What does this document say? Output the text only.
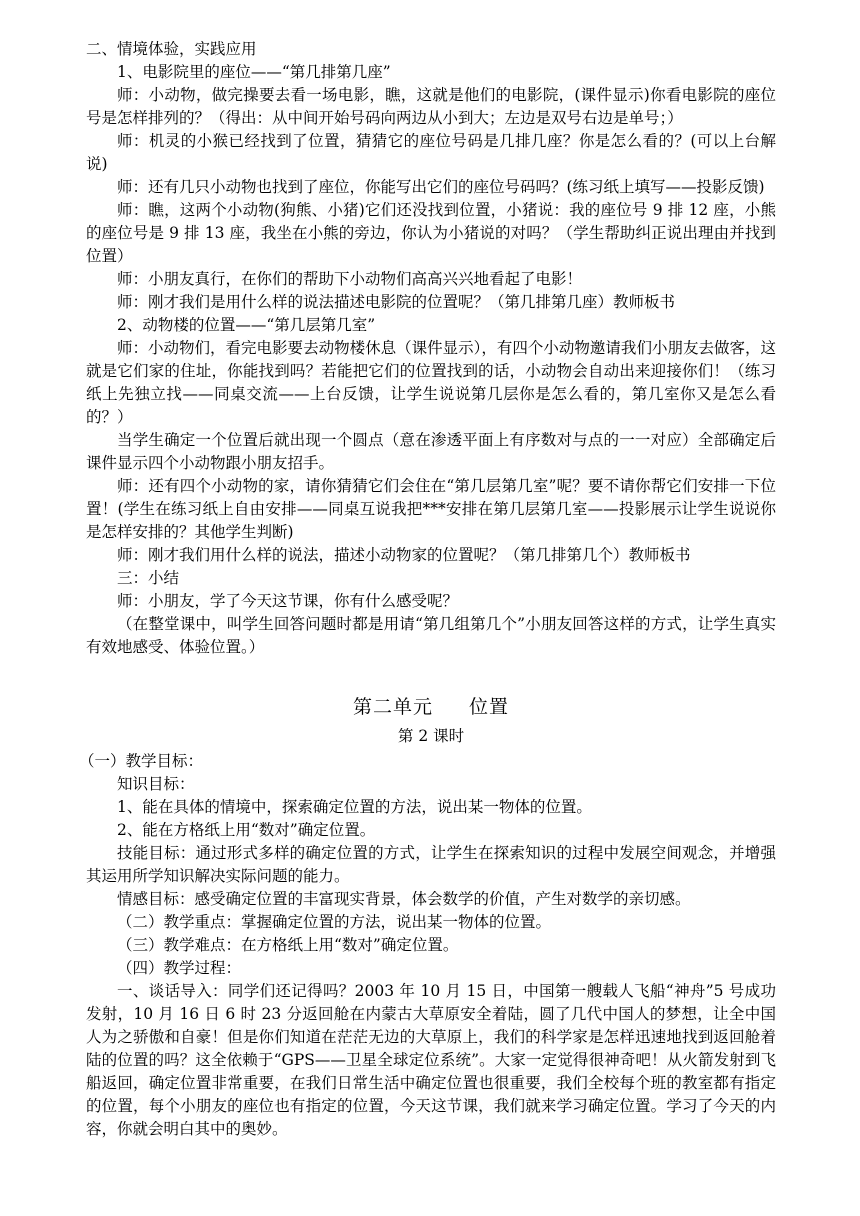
二、情境体验，实践应用

1、电影院里的座位——“第几排第几座”

师：小动物，做完操要去看一场电影，瞧，这就是他们的电影院，(课件显示)你看电影院的座位号是怎样排列的？（得出：从中间开始号码向两边从小到大；左边是双号右边是单号；）

师：机灵的小猴已经找到了位置，猜猜它的座位号码是几排几座？你是怎么看的？(可以上台解说)

师：还有几只小动物也找到了座位，你能写出它们的座位号码吗？(练习纸上填写——投影反馈)

师：瞧，这两个小动物(狗熊、小猪)它们还没找到位置，小猪说：我的座位号 9 排 12 座，小熊的座位号是 9 排 13 座，我坐在小熊的旁边，你认为小猪说的对吗？（学生帮助纠正说出理由并找到位置）

师：小朋友真行，在你们的帮助下小动物们高高兴兴地看起了电影！

师：刚才我们是用什么样的说法描述电影院的位置呢？（第几排第几座）教师板书

2、动物楼的位置——“第几层第几室”

师：小动物们，看完电影要去动物楼休息（课件显示），有四个小动物邀请我们小朋友去做客，这就是它们家的住址，你能找到吗？若能把它们的位置找到的话，小动物会自动出来迎接你们！（练习纸上先独立找——同桌交流——上台反馈，让学生说说第几层你是怎么看的，第几室你又是怎么看的？）

当学生确定一个位置后就出现一个圆点（意在渗透平面上有序数对与点的一一对应）全部确定后课件显示四个小动物跟小朋友招手。

师：还有四个小动物的家，请你猜猜它们会住在“第几层第几室”呢？要不请你帮它们安排一下位置！(学生在练习纸上自由安排——同桌互说我把***安排在第几层第几室——投影展示让学生说说你是怎样安排的？其他学生判断)

师：刚才我们用什么样的说法，描述小动物家的位置呢？（第几排第几个）教师板书

三：小结

师：小朋友，学了今天这节课，你有什么感受呢？

（在整堂课中，叫学生回答问题时都是用请“第几组第几个”小朋友回答这样的方式，让学生真实有效地感受、体验位置。）

第二单元 位置

第 2 课时

（一）教学目标：

知识目标：

1、能在具体的情境中，探索确定位置的方法，说出某一物体的位置。

2、能在方格纸上用“数对”确定位置。

技能目标：通过形式多样的确定位置的方式，让学生在探索知识的过程中发展空间观念，并增强其运用所学知识解决实际问题的能力。

情感目标：感受确定位置的丰富现实背景，体会数学的价值，产生对数学的亲切感。

（二）教学重点：掌握确定位置的方法，说出某一物体的位置。

（三）教学难点：在方格纸上用“数对”确定位置。

（四）教学过程：

一、谈话导入：同学们还记得吗？2003 年 10 月 15 日，中国第一艘载人飞船“神舟”5 号成功发射，10 月 16 日 6 时 23 分返回舱在内蒙古大草原安全着陆，圆了几代中国人的梦想，让全中国人为之骄傲和自豪！但是你们知道在茫茫无边的大草原上，我们的科学家是怎样迅速地找到返回舱着陆的位置的吗？这全依赖于“GPS——卫星全球定位系统”。大家一定觉得很神奇吧！从火箭发射到飞船返回，确定位置非常重要，在我们日常生活中确定位置也很重要，我们全校每个班的教室都有指定的位置，每个小朋友的座位也有指定的位置，今天这节课，我们就来学习确定位置。学习了今天的内容，你就会明白其中的奥妙。
